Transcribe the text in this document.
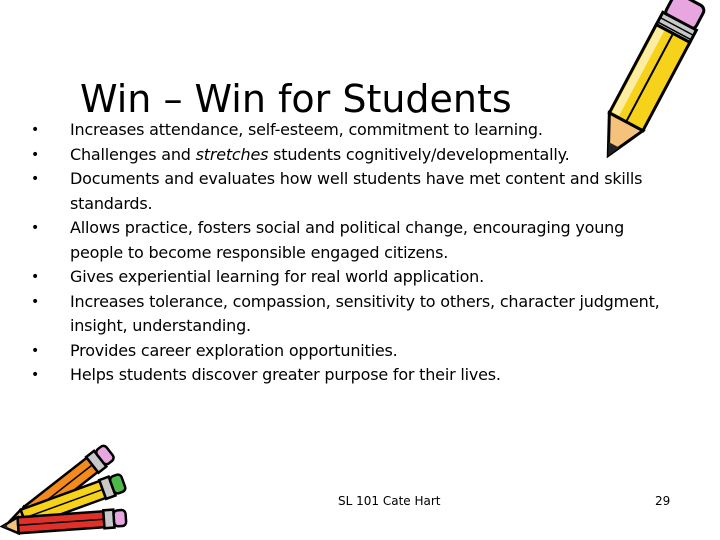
Win – Win for Students
• Increases attendance, self-esteem, commitment to learning.
• Challenges and stretches students cognitively/developmentally.
• Documents and evaluates how well students have met content and skills standards.
• Allows practice, fosters social and political change, encouraging young people to become responsible engaged citizens.
• Gives experiential learning for real world application.
• Increases tolerance, compassion, sensitivity to others, character judgment, insight, understanding.
• Provides career exploration opportunities.
• Helps students discover greater purpose for their lives.
SL 101 Cate Hart	29
